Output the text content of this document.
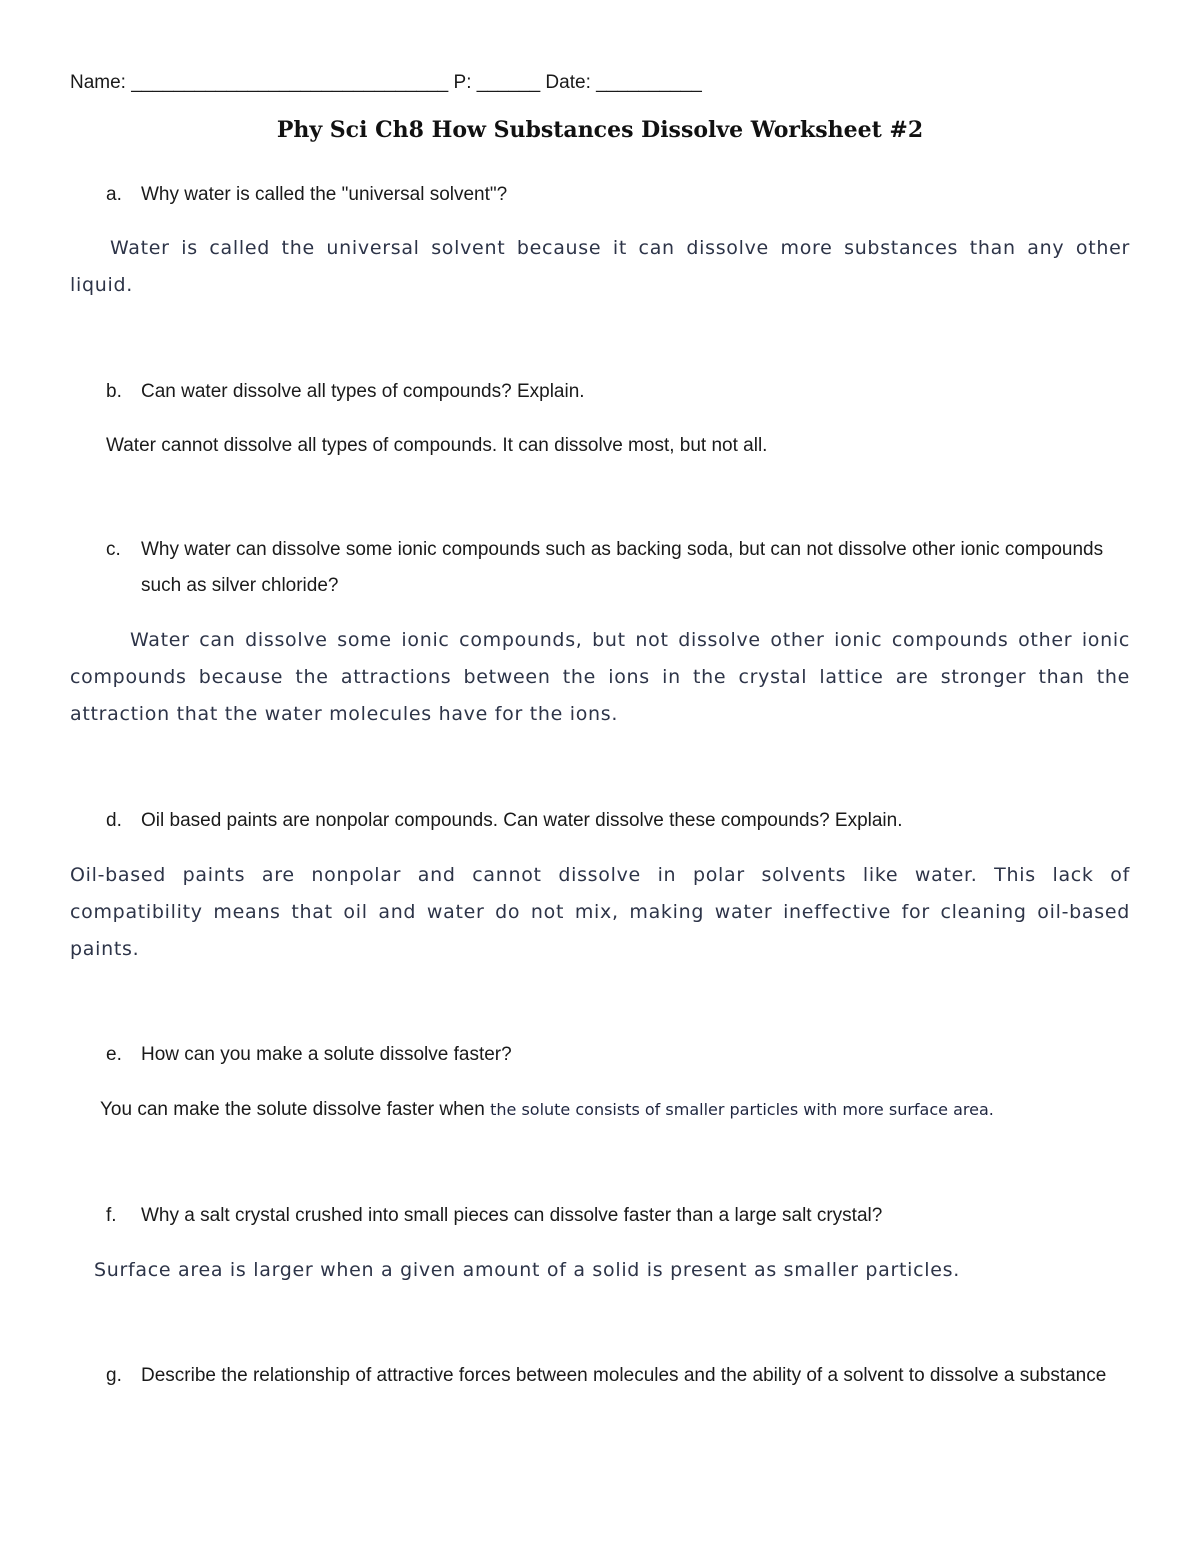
Name: ______________________________ P: ______ Date: __________
Phy Sci Ch8 How Substances Dissolve Worksheet #2
a. Why water is called the "universal solvent"?
Water is called the universal solvent because it can dissolve more substances than any other liquid.
b. Can water dissolve all types of compounds? Explain.
Water cannot dissolve all types of compounds. It can dissolve most, but not all.
c. Why water can dissolve some ionic compounds such as backing soda, but can not dissolve other ionic compounds such as silver chloride?
Water can dissolve some ionic compounds, but not dissolve other ionic compounds other ionic compounds because the attractions between the ions in the crystal lattice are stronger than the attraction that the water molecules have for the ions.
d. Oil based paints are nonpolar compounds. Can water dissolve these compounds? Explain.
Oil-based paints are nonpolar and cannot dissolve in polar solvents like water. This lack of compatibility means that oil and water do not mix, making water ineffective for cleaning oil-based paints.
e. How can you make a solute dissolve faster?
You can make the solute dissolve faster when the solute consists of smaller particles with more surface area.
f. Why a salt crystal crushed into small pieces can dissolve faster than a large salt crystal?
Surface area is larger when a given amount of a solid is present as smaller particles.
g. Describe the relationship of attractive forces between molecules and the ability of a solvent to dissolve a substance
